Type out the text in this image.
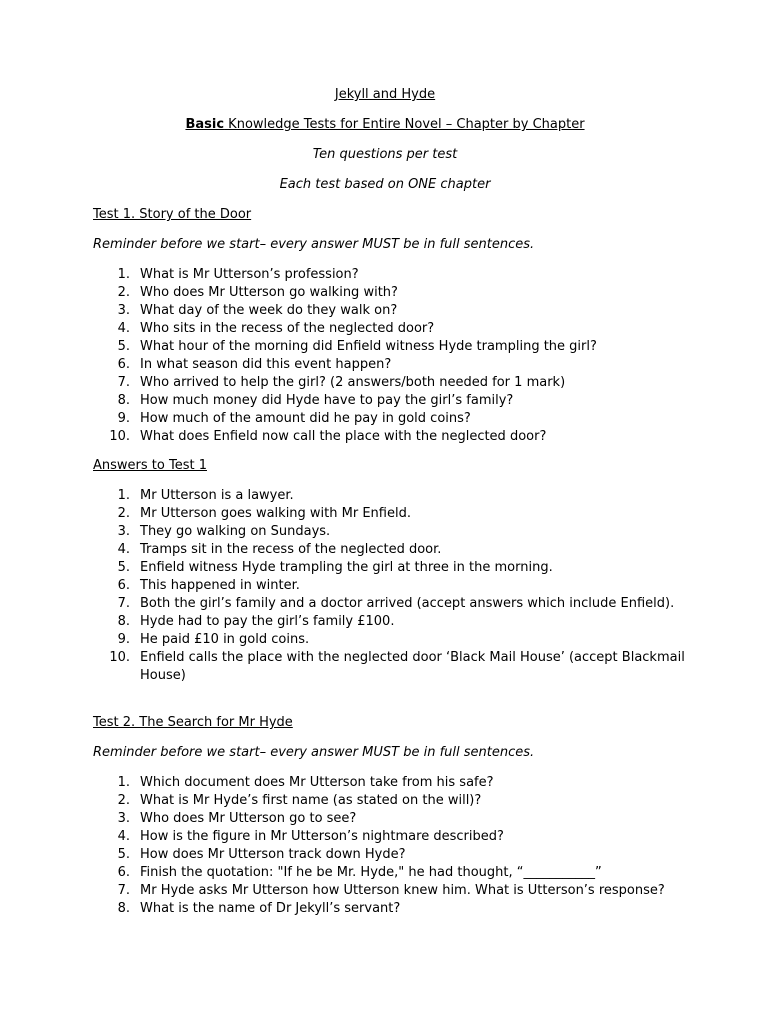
Jekyll and Hyde
Basic Knowledge Tests for Entire Novel – Chapter by Chapter
Ten questions per test
Each test based on ONE chapter
Test 1. Story of the Door
Reminder before we start– every answer MUST be in full sentences.
1. What is Mr Utterson’s profession?
2. Who does Mr Utterson go walking with?
3. What day of the week do they walk on?
4. Who sits in the recess of the neglected door?
5. What hour of the morning did Enfield witness Hyde trampling the girl?
6. In what season did this event happen?
7. Who arrived to help the girl? (2 answers/both needed for 1 mark)
8. How much money did Hyde have to pay the girl’s family?
9. How much of the amount did he pay in gold coins?
10. What does Enfield now call the place with the neglected door?
Answers to Test 1
1. Mr Utterson is a lawyer.
2. Mr Utterson goes walking with Mr Enfield.
3. They go walking on Sundays.
4. Tramps sit in the recess of the neglected door.
5. Enfield witness Hyde trampling the girl at three in the morning.
6. This happened in winter.
7. Both the girl’s family and a doctor arrived (accept answers which include Enfield).
8. Hyde had to pay the girl’s family £100.
9. He paid £10 in gold coins.
10. Enfield calls the place with the neglected door ‘Black Mail House’ (accept Blackmail House)
Test 2. The Search for Mr Hyde
Reminder before we start– every answer MUST be in full sentences.
1. Which document does Mr Utterson take from his safe?
2. What is Mr Hyde’s first name (as stated on the will)?
3. Who does Mr Utterson go to see?
4. How is the figure in Mr Utterson’s nightmare described?
5. How does Mr Utterson track down Hyde?
6. Finish the quotation: "If he be Mr. Hyde," he had thought, “___________”
7. Mr Hyde asks Mr Utterson how Utterson knew him. What is Utterson’s response?
8. What is the name of Dr Jekyll’s servant?
